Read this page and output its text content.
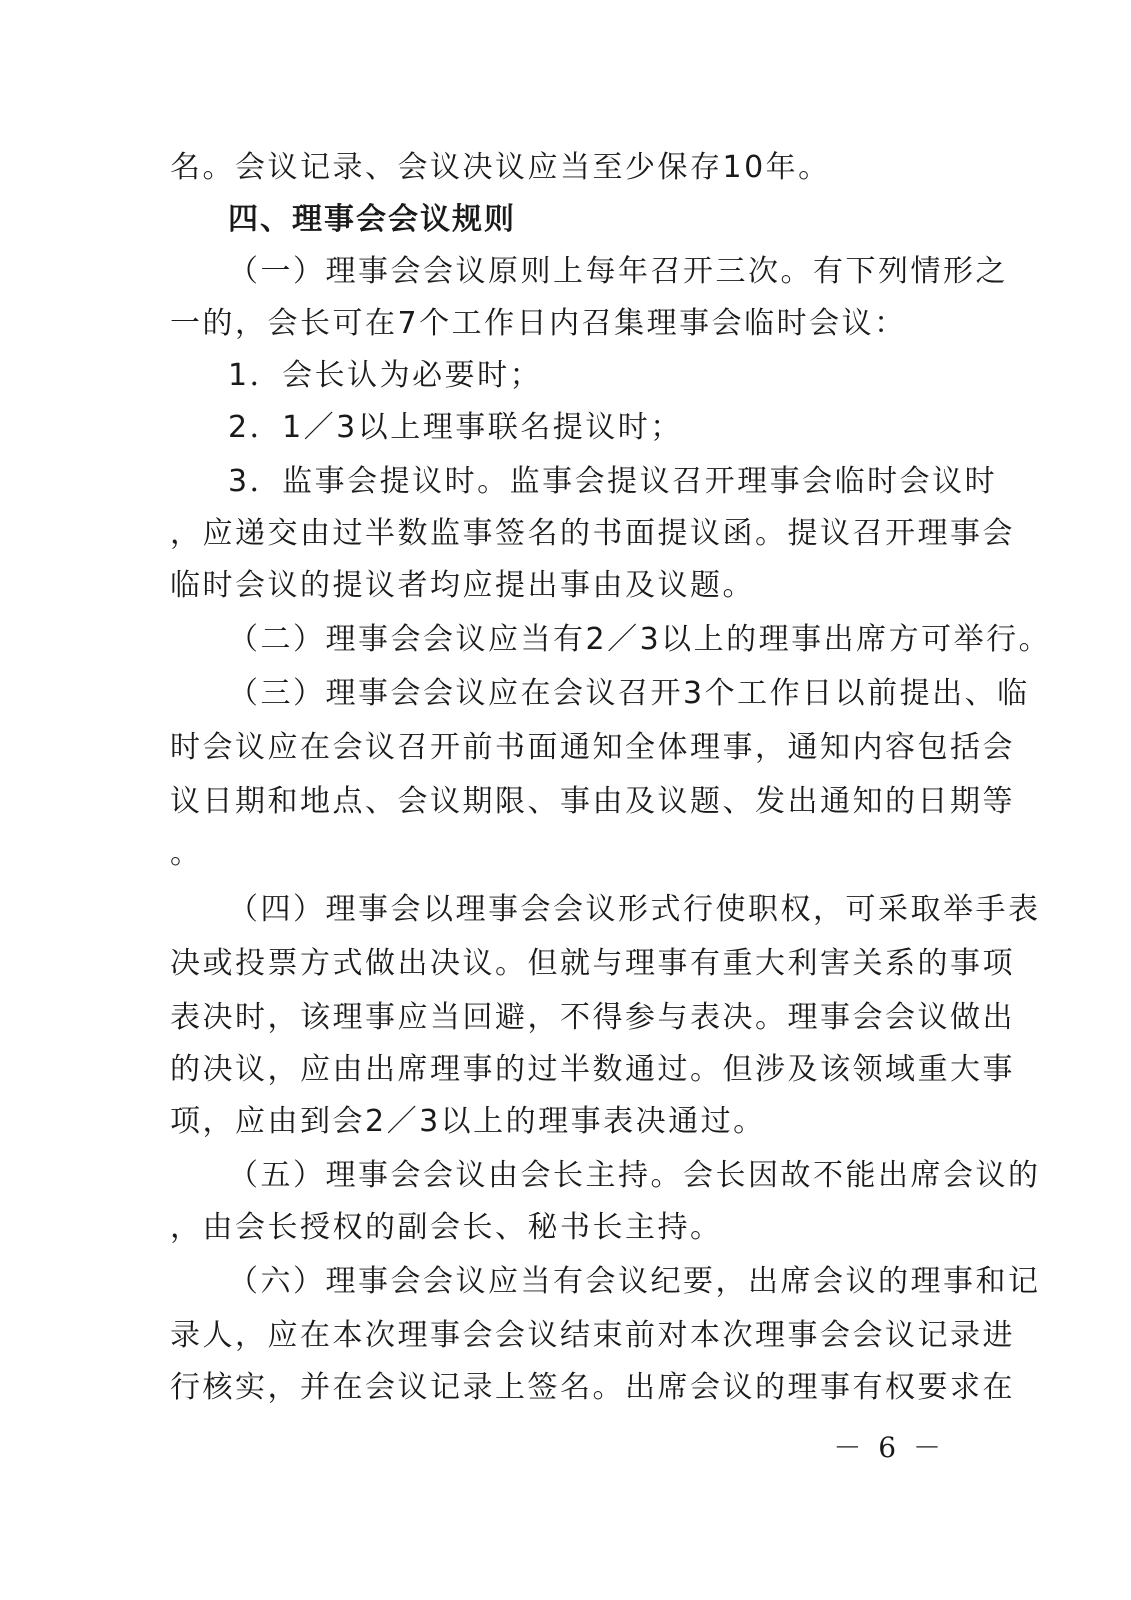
名。会议记录、会议决议应当至少保存10年。
四、理事会会议规则
（一）理事会会议原则上每年召开三次。有下列情形之
一的，会长可在7个工作日内召集理事会临时会议：
1．会长认为必要时；
2．1／3以上理事联名提议时；
3．监事会提议时。监事会提议召开理事会临时会议时
，应递交由过半数监事签名的书面提议函。提议召开理事会
临时会议的提议者均应提出事由及议题。
（二）理事会会议应当有2／3以上的理事出席方可举行。
（三）理事会会议应在会议召开3个工作日以前提出、临
时会议应在会议召开前书面通知全体理事，通知内容包括会
议日期和地点、会议期限、事由及议题、发出通知的日期等
。
（四）理事会以理事会会议形式行使职权，可采取举手表
决或投票方式做出决议。但就与理事有重大利害关系的事项
表决时，该理事应当回避，不得参与表决。理事会会议做出
的决议，应由出席理事的过半数通过。但涉及该领域重大事
项，应由到会2／3以上的理事表决通过。
（五）理事会会议由会长主持。会长因故不能出席会议的
，由会长授权的副会长、秘书长主持。
（六）理事会会议应当有会议纪要，出席会议的理事和记
录人，应在本次理事会会议结束前对本次理事会会议记录进
行核实，并在会议记录上签名。出席会议的理事有权要求在
－ 6 －
